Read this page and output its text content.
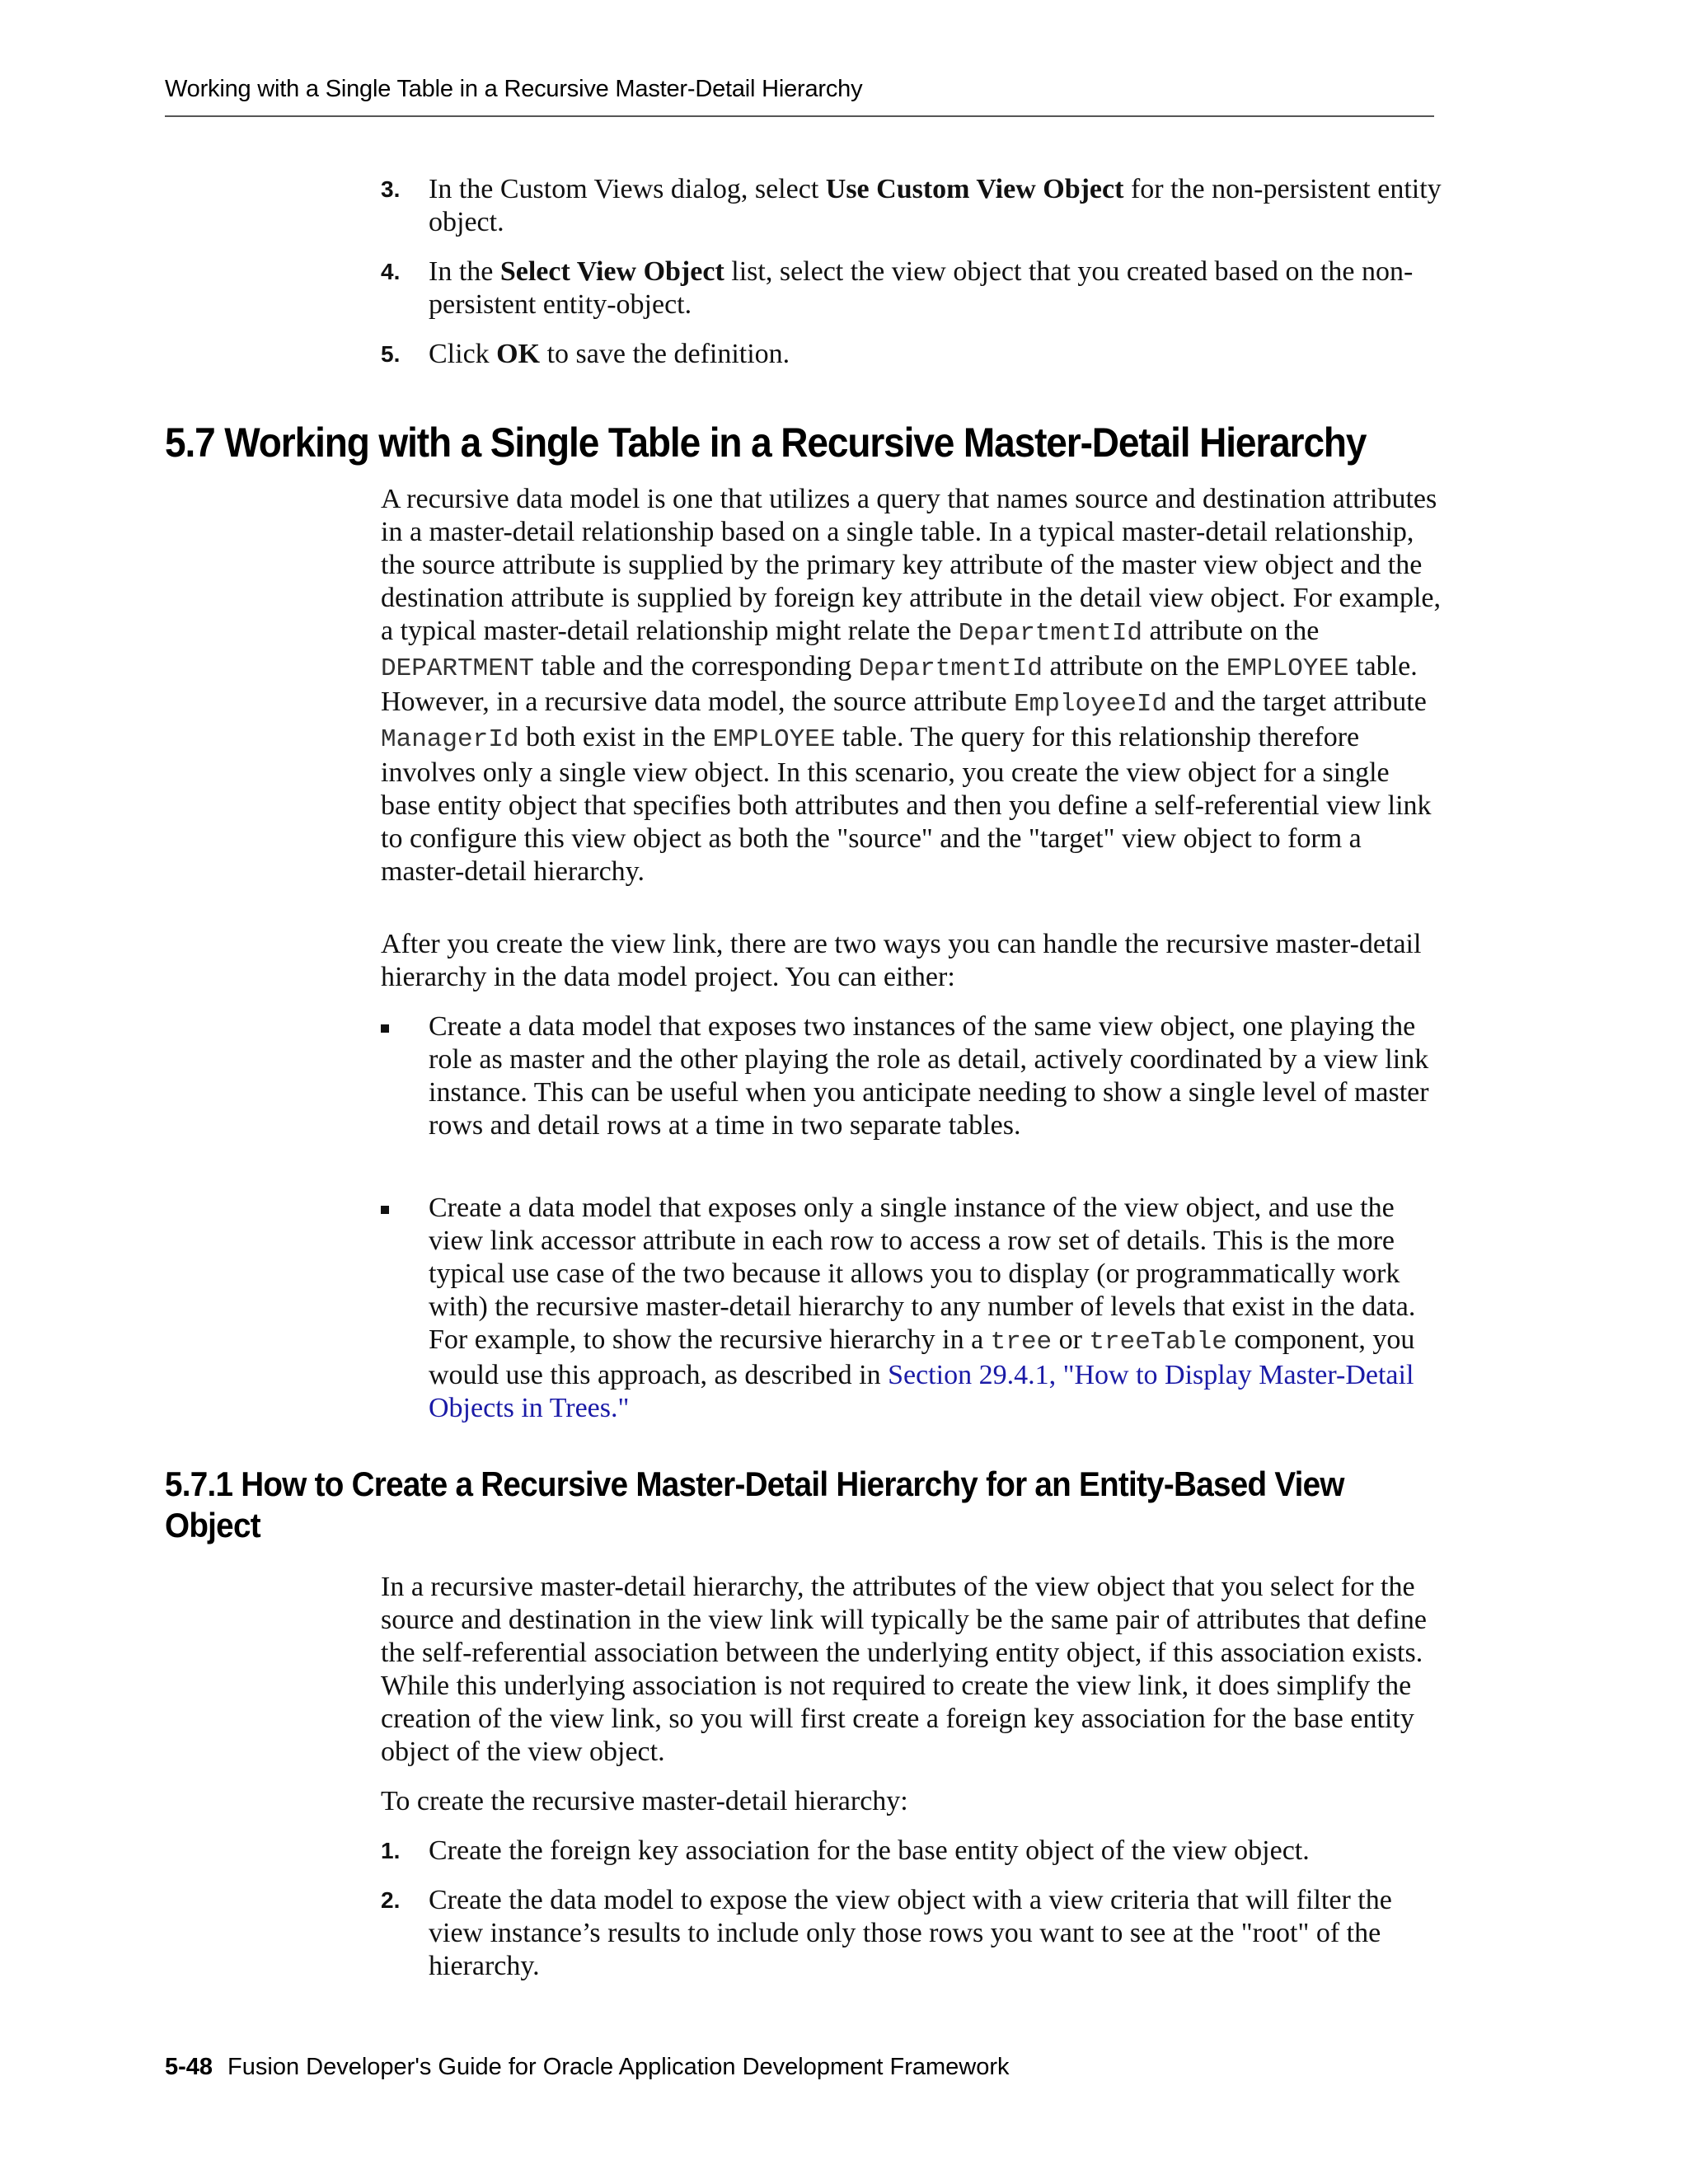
Working with a Single Table in a Recursive Master-Detail Hierarchy
3. In the Custom Views dialog, select Use Custom View Object for the non-persistent entity object.
4. In the Select View Object list, select the view object that you created based on the non-persistent entity-object.
5. Click OK to save the definition.
5.7 Working with a Single Table in a Recursive Master-Detail Hierarchy
A recursive data model is one that utilizes a query that names source and destination attributes in a master-detail relationship based on a single table. In a typical master-detail relationship, the source attribute is supplied by the primary key attribute of the master view object and the destination attribute is supplied by foreign key attribute in the detail view object. For example, a typical master-detail relationship might relate the DepartmentId attribute on the DEPARTMENT table and the corresponding DepartmentId attribute on the EMPLOYEE table. However, in a recursive data model, the source attribute EmployeeId and the target attribute ManagerId both exist in the EMPLOYEE table. The query for this relationship therefore involves only a single view object. In this scenario, you create the view object for a single base entity object that specifies both attributes and then you define a self-referential view link to configure this view object as both the "source" and the "target" view object to form a master-detail hierarchy.
After you create the view link, there are two ways you can handle the recursive master-detail hierarchy in the data model project. You can either:
Create a data model that exposes two instances of the same view object, one playing the role as master and the other playing the role as detail, actively coordinated by a view link instance. This can be useful when you anticipate needing to show a single level of master rows and detail rows at a time in two separate tables.
Create a data model that exposes only a single instance of the view object, and use the view link accessor attribute in each row to access a row set of details. This is the more typical use case of the two because it allows you to display (or programmatically work with) the recursive master-detail hierarchy to any number of levels that exist in the data. For example, to show the recursive hierarchy in a tree or treeTable component, you would use this approach, as described in Section 29.4.1, "How to Display Master-Detail Objects in Trees."
5.7.1 How to Create a Recursive Master-Detail Hierarchy for an Entity-Based View Object
In a recursive master-detail hierarchy, the attributes of the view object that you select for the source and destination in the view link will typically be the same pair of attributes that define the self-referential association between the underlying entity object, if this association exists. While this underlying association is not required to create the view link, it does simplify the creation of the view link, so you will first create a foreign key association for the base entity object of the view object.
To create the recursive master-detail hierarchy:
1. Create the foreign key association for the base entity object of the view object.
2. Create the data model to expose the view object with a view criteria that will filter the view instance’s results to include only those rows you want to see at the "root" of the hierarchy.
5-48 Fusion Developer's Guide for Oracle Application Development Framework
